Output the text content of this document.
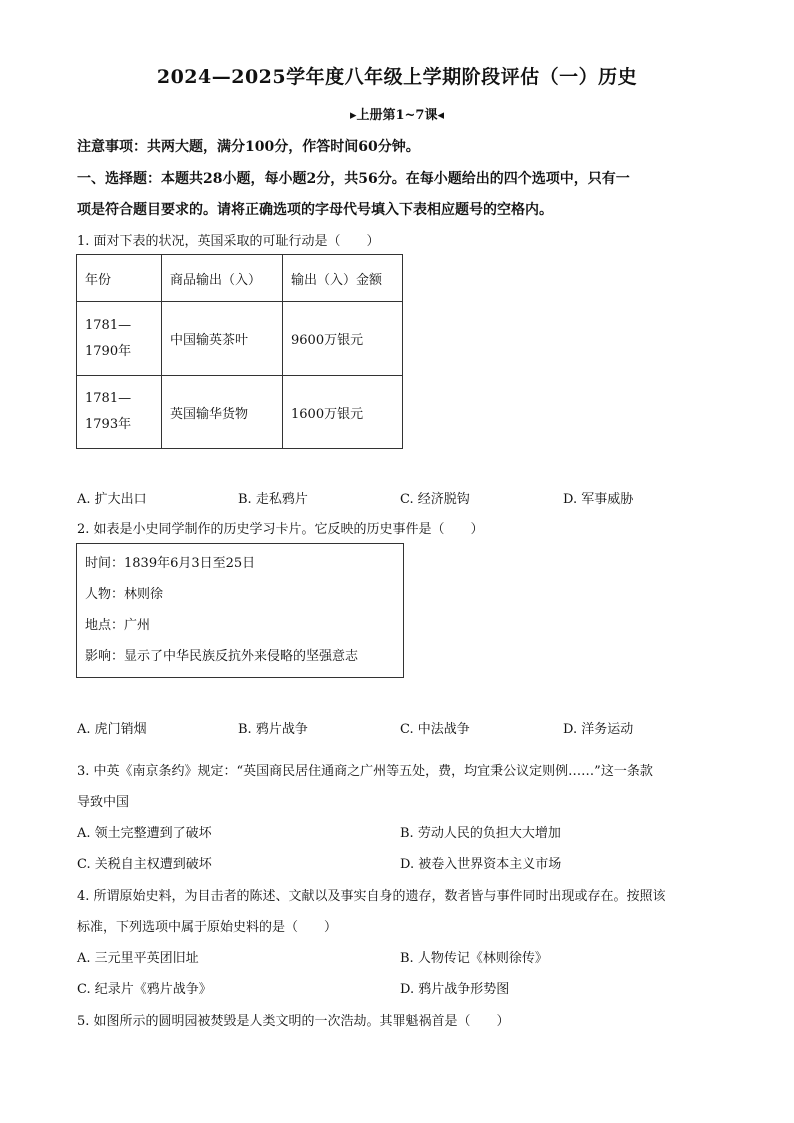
2024—2025学年度八年级上学期阶段评估（一）历史
▸上册第1~7课◂
注意事项：共两大题，满分100分，作答时间60分钟。
一、选择题：本题共28小题，每小题2分，共56分。在每小题给出的四个选项中，只有一
项是符合题目要求的。请将正确选项的字母代号填入下表相应题号的空格内。
1. 面对下表的状况，英国采取的可耻行动是（　　）
年份	商品输出（入）	输出（入）金额

1781—
1790年	中国输英茶叶	9600万银元

1781—
1793年	英国输华货物	1600万银元
A. 扩大出口	B. 走私鸦片	C. 经济脱钩	D. 军事威胁
2. 如表是小史同学制作的历史学习卡片。它反映的历史事件是（　　）
时间：1839年6月3日至25日
人物：林则徐
地点：广州
影响：显示了中华民族反抗外来侵略的坚强意志
A. 虎门销烟	B. 鸦片战争	C. 中法战争	D. 洋务运动
3. 中英《南京条约》规定：“英国商民居住通商之广州等五处，费，均宜秉公议定则例……”这一条款
导致中国
A. 领土完整遭到了破坏	B. 劳动人民的负担大大增加
C. 关税自主权遭到破坏	D. 被卷入世界资本主义市场
4. 所谓原始史料，为目击者的陈述、文献以及事实自身的遗存，数者皆与事件同时出现或存在。按照该
标准，下列选项中属于原始史料的是（　　）
A. 三元里平英团旧址	B. 人物传记《林则徐传》
C. 纪录片《鸦片战争》	D. 鸦片战争形势图
5. 如图所示的圆明园被焚毁是人类文明的一次浩劫。其罪魁祸首是（　　）
